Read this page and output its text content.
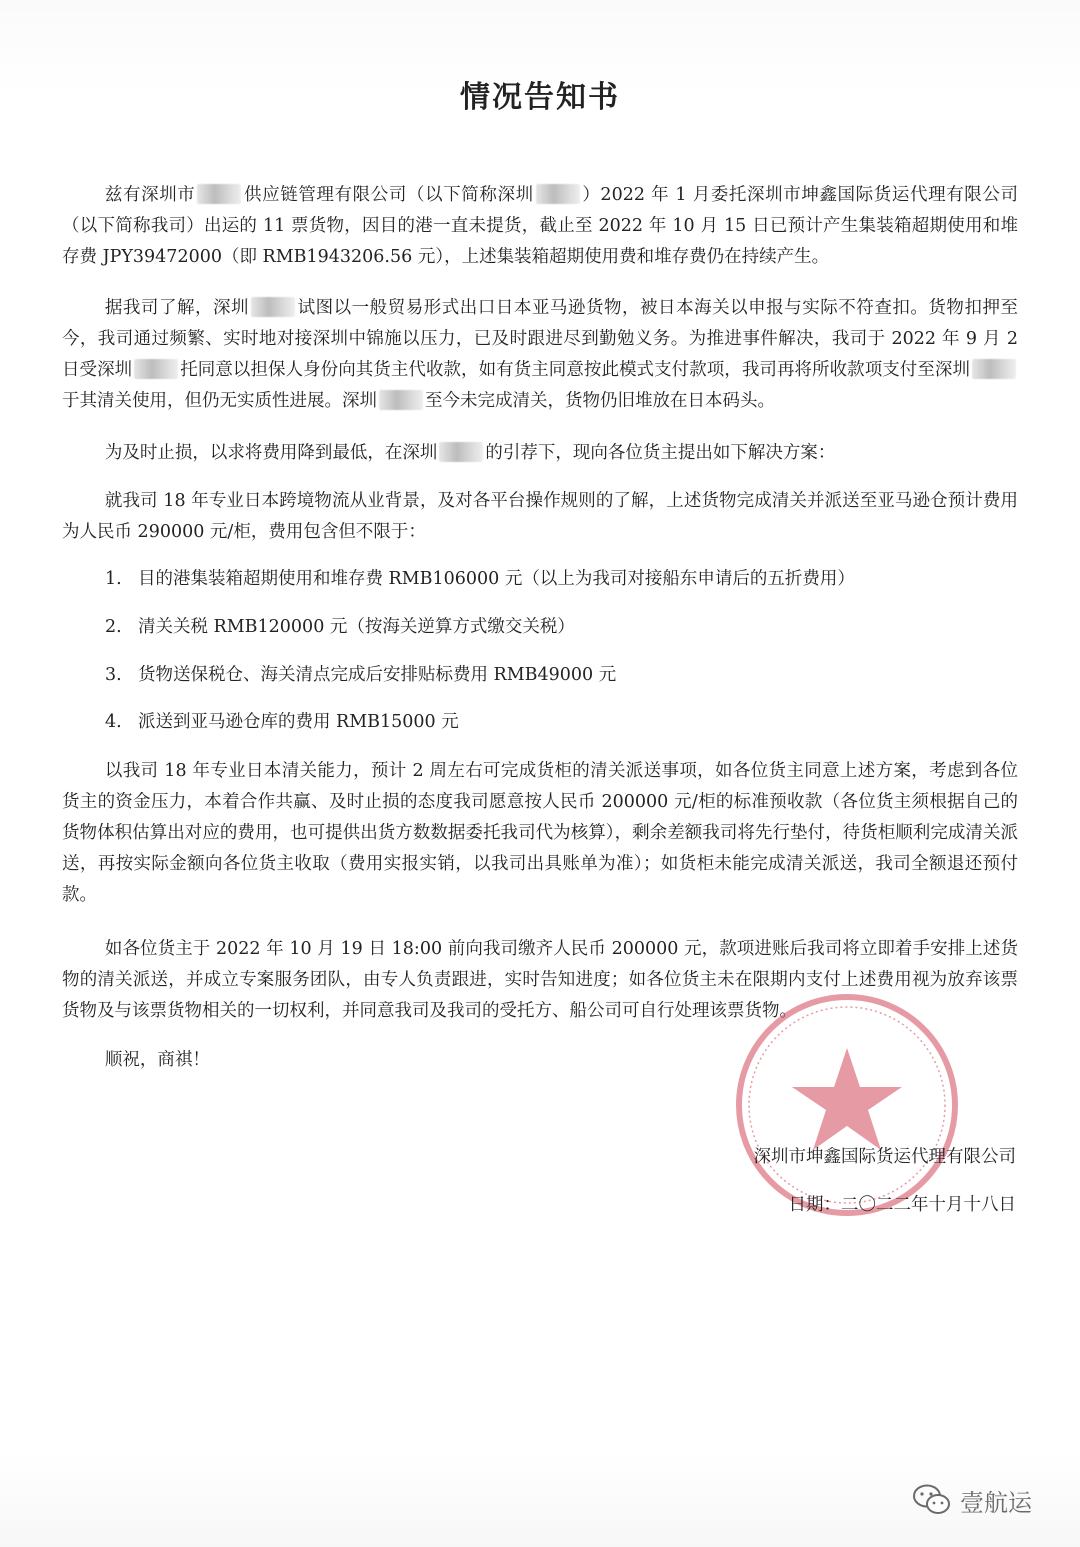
情况告知书

兹有深圳市	供应链管理有限公司（以下简称深圳	）2022 年 1 月委托深圳市坤鑫国际货运代理有限公司（以下简称我司）出运的 11 票货物，因目的港一直未提货，截止至 2022 年 10 月 15 日已预计产生集装箱超期使用和堆存费 JPY39472000（即 RMB1943206.56 元），上述集装箱超期使用费和堆存费仍在持续产生。

据我司了解，深圳	试图以一般贸易形式出口日本亚马逊货物，被日本海关以申报与实际不符查扣。货物扣押至今，我司通过频繁、实时地对接深圳中锦施以压力，已及时跟进尽到勤勉义务。为推进事件解决，我司于 2022 年 9 月 2 日受深圳	托同意以担保人身份向其货主代收款，如有货主同意按此模式支付款项，我司再将所收款项支付至深圳于其清关使用，但仍无实质性进展。深圳	至今未完成清关，货物仍旧堆放在日本码头。

为及时止损，以求将费用降到最低，在深圳	的引荐下，现向各位货主提出如下解决方案：

就我司 18 年专业日本跨境物流从业背景，及对各平台操作规则的了解，上述货物完成清关并派送至亚马逊仓预计费用为人民币 290000 元/柜，费用包含但不限于：

1. 目的港集装箱超期使用和堆存费 RMB106000 元（以上为我司对接船东申请后的五折费用）

2. 清关关税 RMB120000 元（按海关逆算方式缴交关税）

3. 货物送保税仓、海关清点完成后安排贴标费用 RMB49000 元

4. 派送到亚马逊仓库的费用 RMB15000 元

以我司 18 年专业日本清关能力，预计 2 周左右可完成货柜的清关派送事项，如各位货主同意上述方案，考虑到各位货主的资金压力，本着合作共赢、及时止损的态度我司愿意按人民币 200000 元/柜的标准预收款（各位货主须根据自己的货物体积估算出对应的费用，也可提供出货方数数据委托我司代为核算），剩余差额我司将先行垫付，待货柜顺利完成清关派送，再按实际金额向各位货主收取（费用实报实销，以我司出具账单为准）；如货柜未能完成清关派送，我司全额退还预付款。

如各位货主于 2022 年 10 月 19 日 18:00 前向我司缴齐人民币 200000 元，款项进账后我司将立即着手安排上述货物的清关派送，并成立专案服务团队，由专人负责跟进，实时告知进度；如各位货主未在限期内支付上述费用视为放弃该票货物及与该票货物相关的一切权利，并同意我司及我司的受托方、船公司可自行处理该票货物。

顺祝，商祺！

深圳市坤鑫国际货运代理有限公司

日期：二〇二二年十月十八日

壹航运
